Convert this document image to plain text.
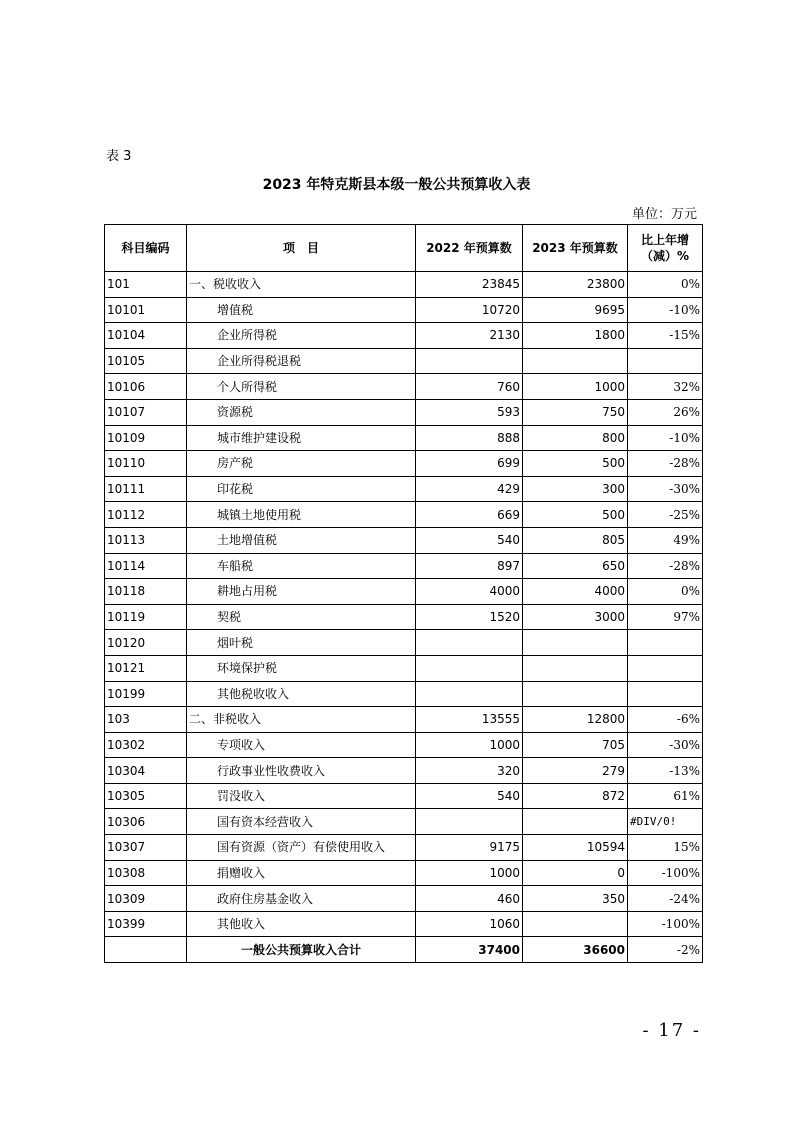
表 3
2023 年特克斯县本级一般公共预算收入表
单位：万元
科目编码	项　目	2022 年预算数	2023 年预算数	比上年增（减）%
101	一、税收收入	23845	23800	0%
10101	增值税	10720	9695	-10%
10104	企业所得税	2130	1800	-15%
10105	企业所得税退税			
10106	个人所得税	760	1000	32%
10107	资源税	593	750	26%
10109	城市维护建设税	888	800	-10%
10110	房产税	699	500	-28%
10111	印花税	429	300	-30%
10112	城镇土地使用税	669	500	-25%
10113	土地增值税	540	805	49%
10114	车船税	897	650	-28%
10118	耕地占用税	4000	4000	0%
10119	契税	1520	3000	97%
10120	烟叶税			
10121	环境保护税			
10199	其他税收收入			
103	二、非税收入	13555	12800	-6%
10302	专项收入	1000	705	-30%
10304	行政事业性收费收入	320	279	-13%
10305	罚没收入	540	872	61%
10306	国有资本经营收入			#DIV/0!
10307	国有资源（资产）有偿使用收入	9175	10594	15%
10308	捐赠收入	1000	0	-100%
10309	政府住房基金收入	460	350	-24%
10399	其他收入	1060		-100%
	一般公共预算收入合计	37400	36600	-2%
- 17 -
